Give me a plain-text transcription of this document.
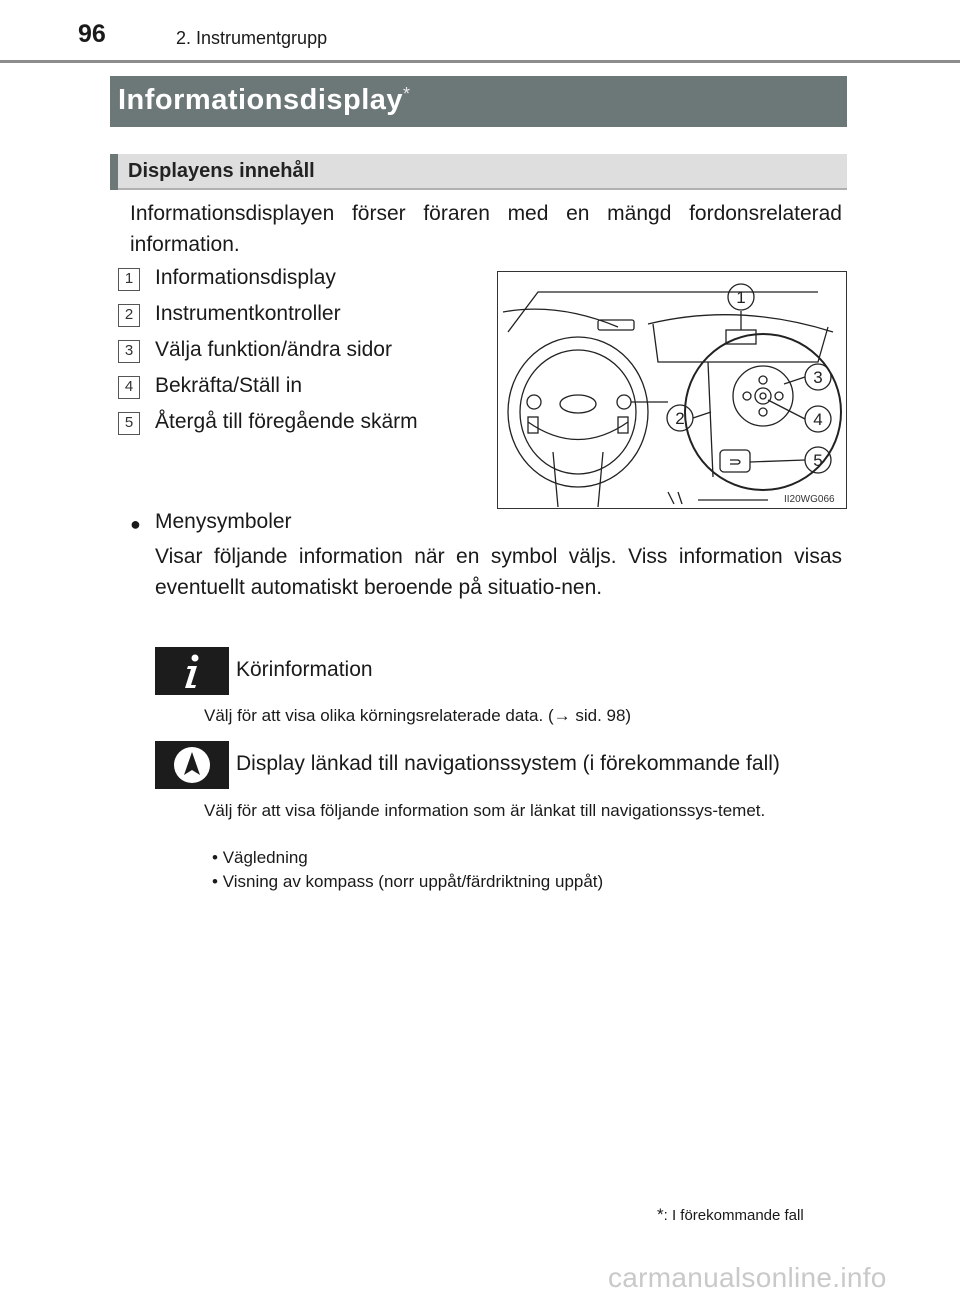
96	2. Instrumentgrupp
Informationsdisplay*
Displayens innehåll
Informationsdisplayen förser föraren med en mängd fordonsrelaterad information.
1	Informationsdisplay
2	Instrumentkontroller
3	Välja funktion/ändra sidor
4	Bekräfta/Ställ in
5	Återgå till föregående skärm
1
2
3
4
5
II20WG066
● Menysymboler
Visar följande information när en symbol väljs. Viss information visas eventuellt automatiskt beroende på situatio-nen.
Körinformation
Välj för att visa olika körningsrelaterade data. (→ sid. 98)
Display länkad till navigationssystem (i förekommande fall)
Välj för att visa följande information som är länkat till navigationssys-temet.
• Vägledning
• Visning av kompass (norr uppåt/färdriktning uppåt)
*: I förekommande fall
carmanualsonline.info
